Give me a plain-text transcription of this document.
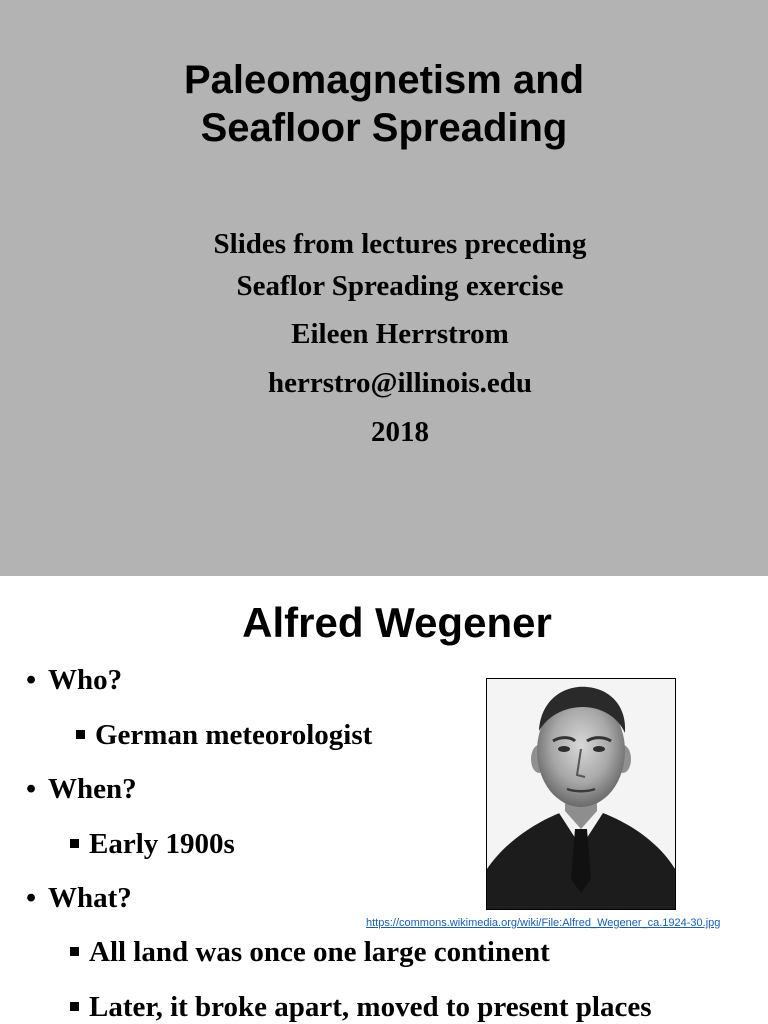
Paleomagnetism and
Seafloor Spreading
Slides from lectures preceding
Seaflor Spreading exercise
Eileen Herrstrom
herrstro@illinois.edu
2018
Alfred Wegener
• Who?
German meteorologist
• When?
Early 1900s
• What?
All land was once one large continent
Later, it broke apart, moved to present places
https://commons.wikimedia.org/wiki/File:Alfred_Wegener_ca.1924-30.jpg
